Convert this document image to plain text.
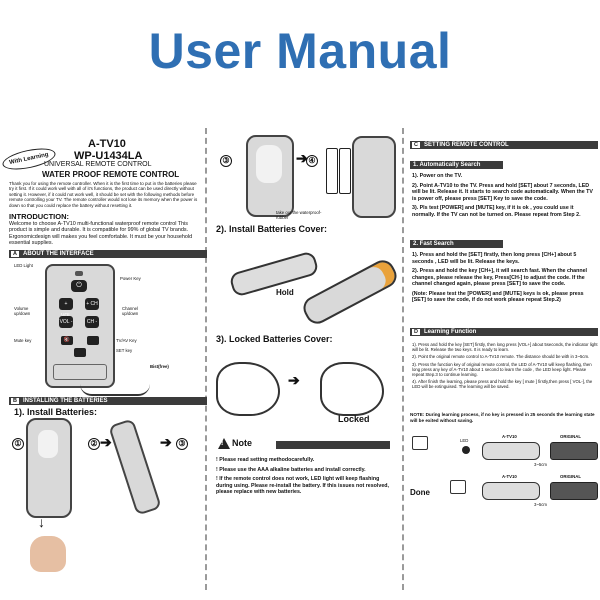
User Manual
With Learning
A-TV10
WP-U1434LA
UNIVERSAL REMOTE CONTROL
WATER PROOF REMOTE CONTROL
Thank you for using the remote controller. When it is the first time to put in the batteries please try it first. If it could work well with all of it's functions, the product can be used directly without setting it. However, if it could not work well, it should be set with the following methods before remote controlling your TV. The remote controller would not lose its memory when the power is down so that you could replace the battery without resetting it.
INTRODUCTION:
Welcome to choose A-TV10 multi-functional waterproof remote control This product is simple and durable. It is compatible for 99% of global TV brands. Ergonomicdesign will makes you feel comfortable. It must be your household essential supplies.
A	ABOUT THE INTERFACE
⏻
+	+ CH
VOL -	CH -
🔇
LED Light
Power Key
Volume up/down
Channel up/down
Mute key	TV/AV Key
SET key
Bist(free)
B	INSTALLING THE BATTERIES
1). Install Batteries:
①
↓
② ➔	➔ ③
③
take out the waterproof- rubber
➔ ④
2). Install Batteries Cover:
Hold
3). Locked Batteries Cover:
➔
Locked
! Note

! Please read setting methodocarefully.

! Please use the AAA alkaline batteries and install correctly.

! If the remote control does not work, LED light will keep flashing during using. Please re-install the battery. If this issues not resolved, please replace with new batteries.

C	SETTING REMOTE CONTROL
1. Automatically Search

1). Power on the TV.

2). Point A-TV10 to the TV. Press and hold [SET] about 7 seconds, LED will be lit. Release it. It starts to search code automatically. When the TV is power off, please press [SET] Key to save the code.

3). Pls test [POWER] and [MUTE] key, if it is ok , you could use it normally. If the TV can not be turned on. Please repeat from Step 2.

2. Fast Search

1). Press and hold the [SET] firstly, then long press [CH+] about 5 seconds , LED will be lit. Release the keys.

2). Press and hold the key [CH+], it will search fast. When the channel changes, please release the key, Press[CH-] to adjust the code. If the channel changed again, please press [SET] to save the code.

(Note: Please test the [POWER] and [MUTE] keys is ok, please press [SET] to save the code, if do not work please repeat Step.2)

D	Learning Function

1). Press and hold the key [SET] firstly, then long press [VOL+] about 5seconds, the indicator light will be lit. Release the two keys. It is ready to learn.

2). Point the original remote control to A-TV10 remote. The distance should be with in 3~5cm.

3). Press the function key of original remote control, the LED of A-TV10 will keep flashing, then long press any key of A-TV10 about 1 second to learn the code , the LED keep light. Please repeat Step.3 to continue learning.

4). After finish the learning, please press and hold the key [ mute ] firstly,then press [ VOL-], the LED will be extinguised. The learning will be saved.

NOTE: During learning process, if no key is pressed in 25 seconds the learning state will be exited without saving.
LED
A-TV10	ORIGINAL
3~5cm
Done
A-TV10	ORIGINAL
3~5cm
